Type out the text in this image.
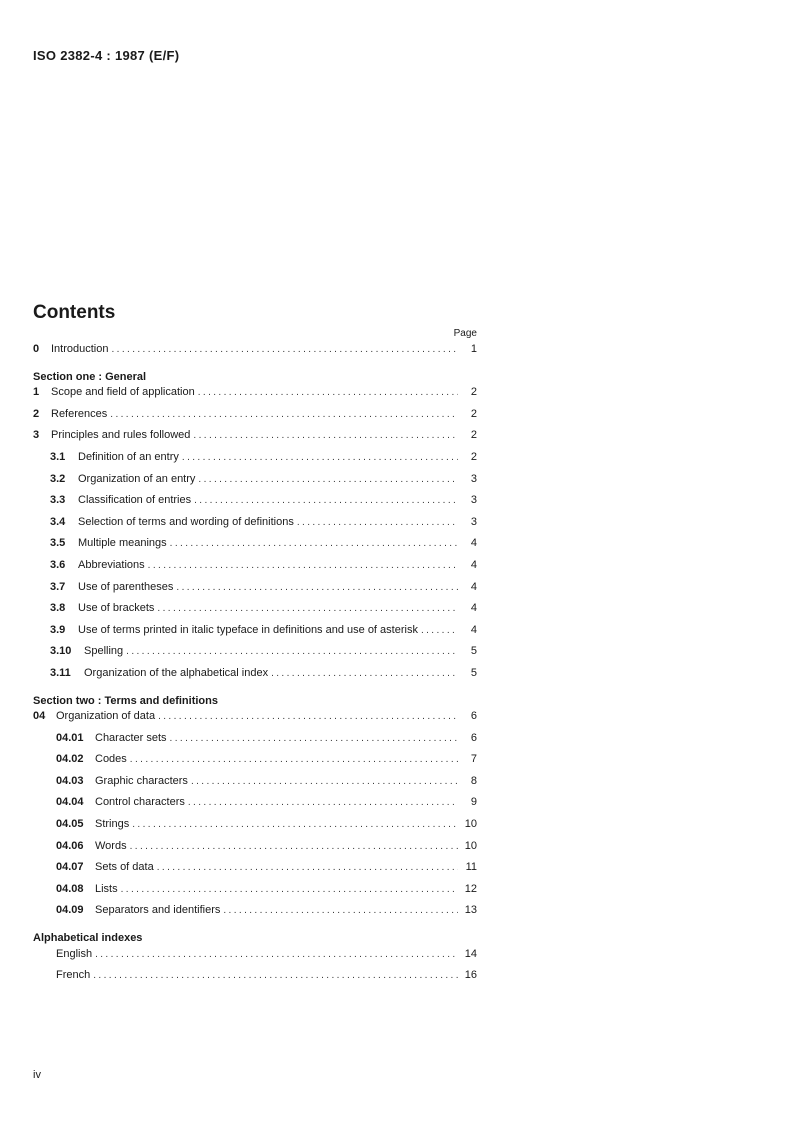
ISO 2382-4 : 1987 (E/F)
Contents
Page
0	Introduction .....	1
Section one : General
1	Scope and field of application .....	2
2	References .....	2
3	Principles and rules followed .....	2
3.1	Definition of an entry .....	2
3.2	Organization of an entry .....	3
3.3	Classification of entries .....	3
3.4	Selection of terms and wording of definitions .....	3
3.5	Multiple meanings .....	4
3.6	Abbreviations .....	4
3.7	Use of parentheses .....	4
3.8	Use of brackets .....	4
3.9	Use of terms printed in italic typeface in definitions and use of asterisk .....	4
3.10	Spelling .....	5
3.11	Organization of the alphabetical index .....	5
Section two : Terms and definitions
04 Organization of data .....	6
04.01	Character sets .....	6
04.02	Codes .....	7
04.03	Graphic characters .....	8
04.04	Control characters .....	9
04.05	Strings .....	10
04.06	Words .....	10
04.07	Sets of data .....	11
04.08	Lists .....	12
04.09	Separators and identifiers .....	13
Alphabetical indexes
English .....	14
French .....	16
iv
